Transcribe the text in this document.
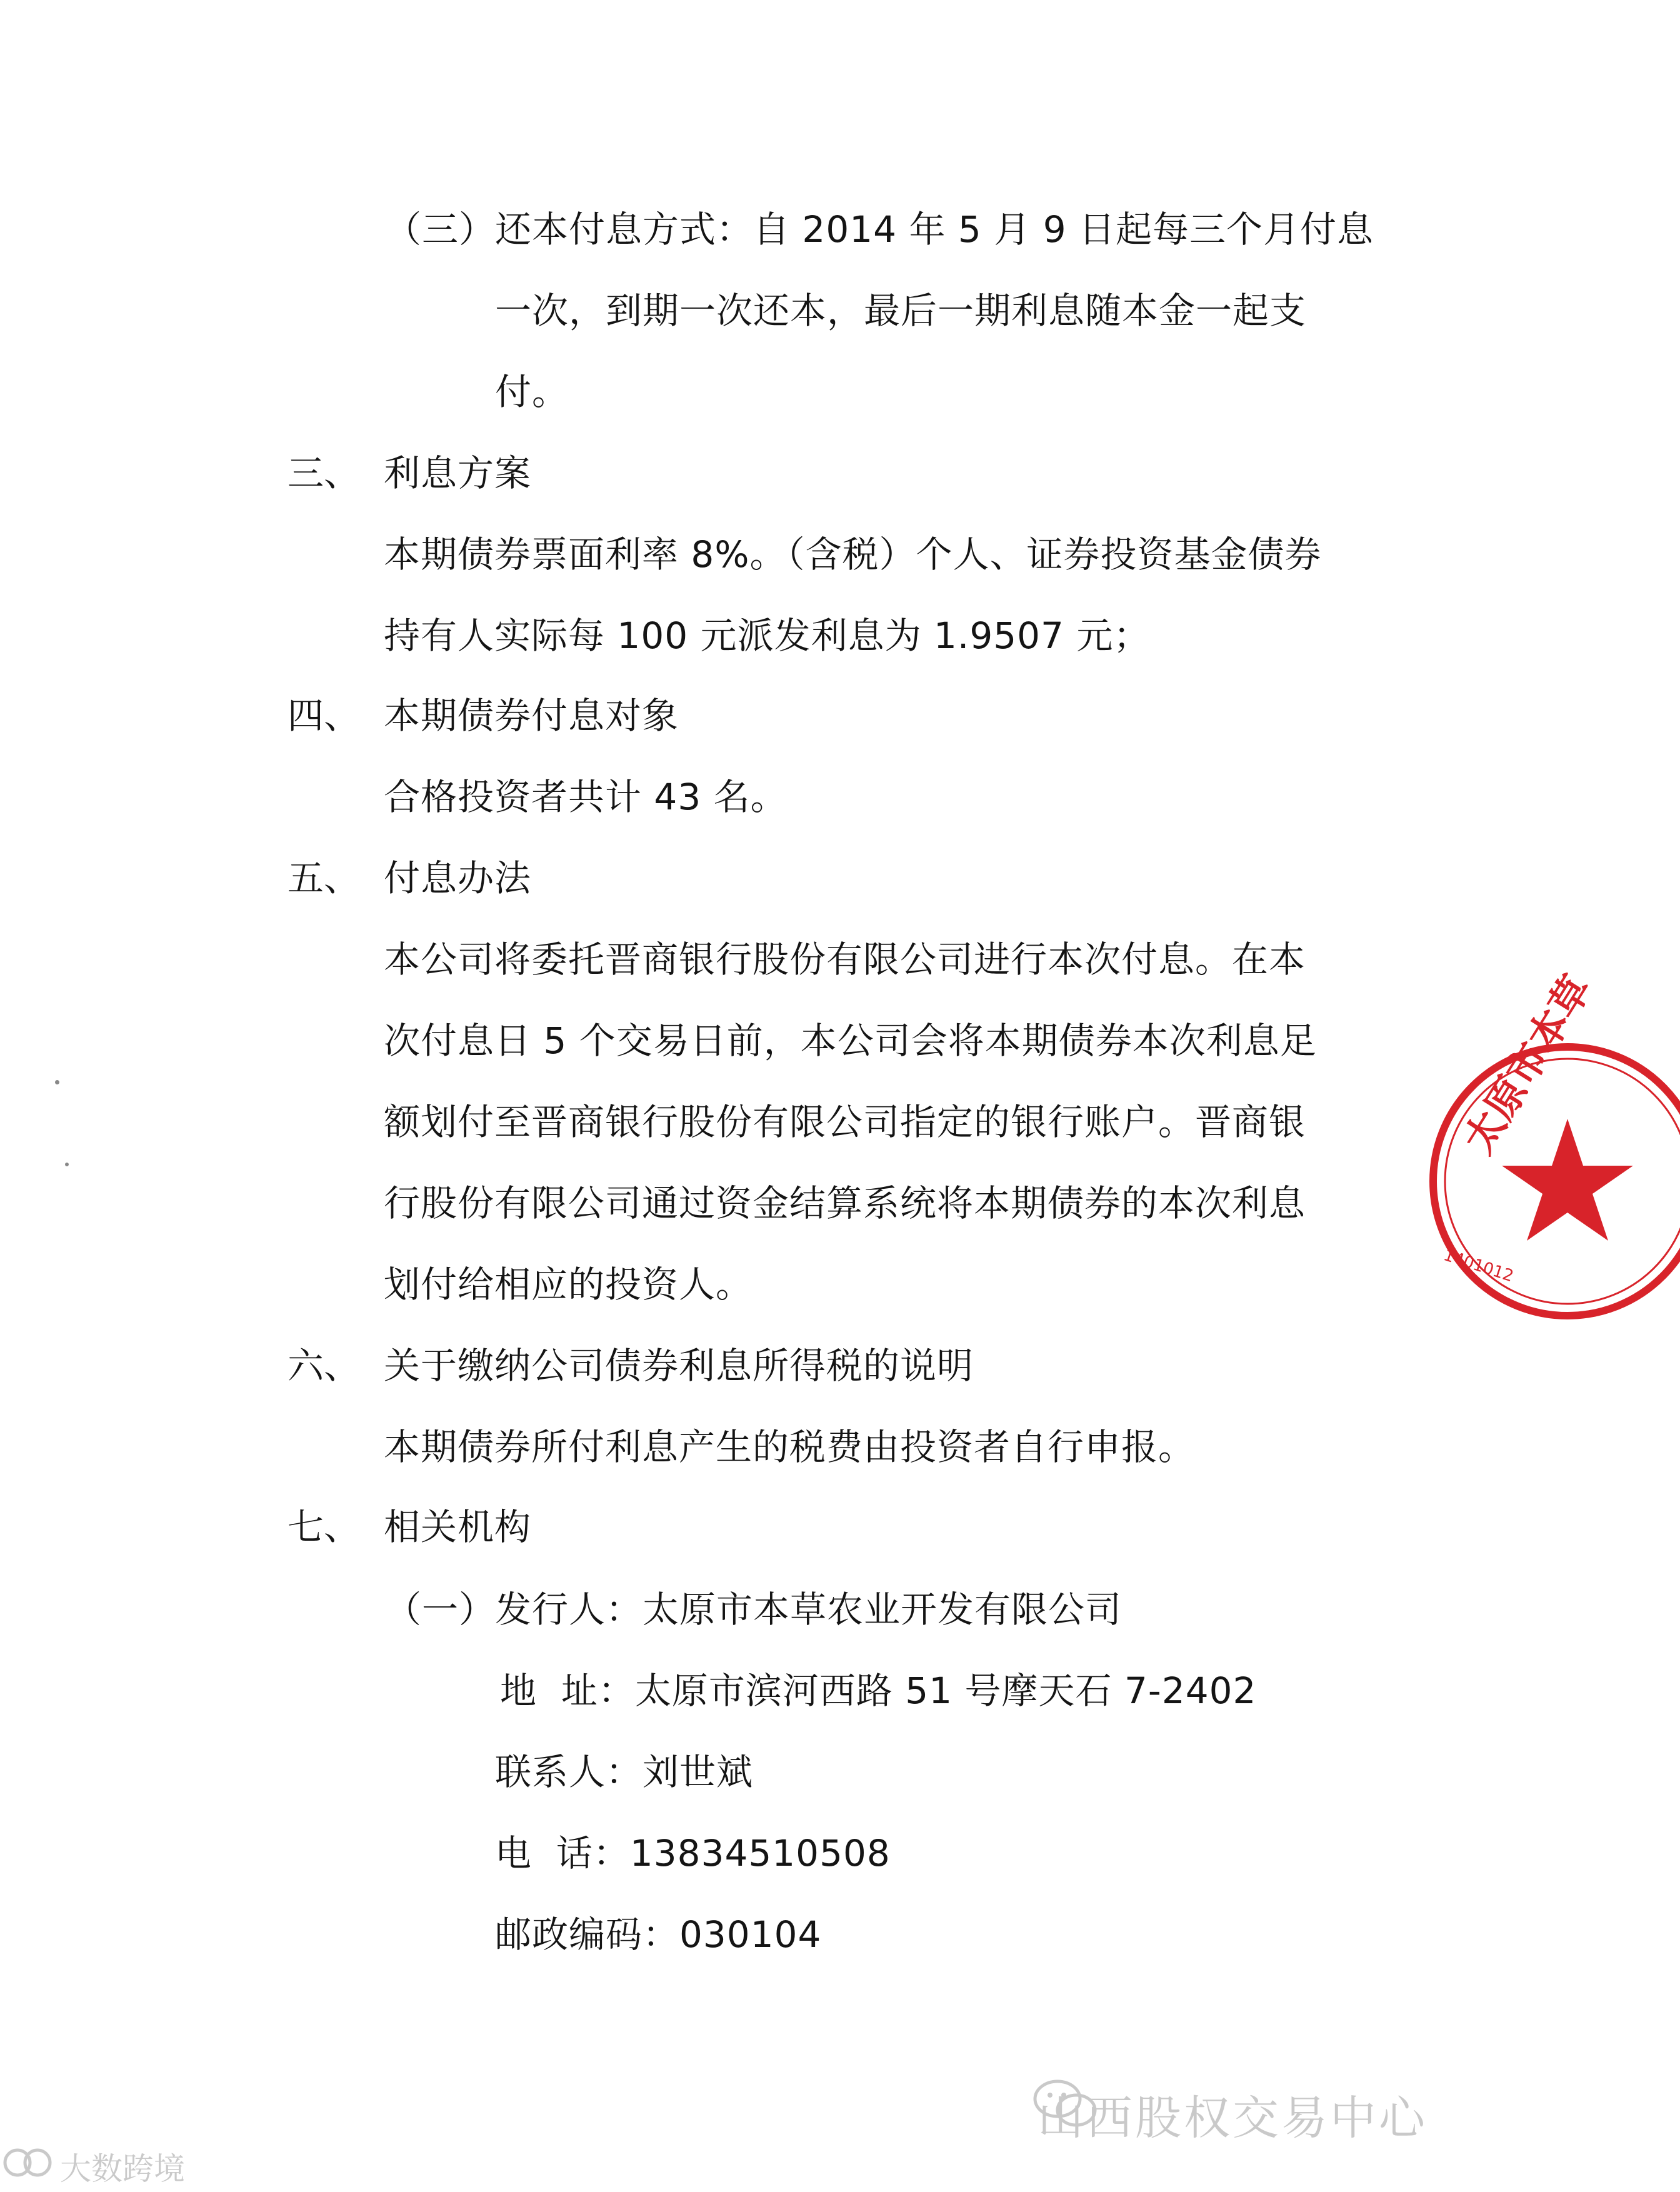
（三）
还本付息方式：自 2014 年 5 月 9 日起每三个月付息
一次，到期一次还本，最后一期利息随本金一起支
付。
三、 利息方案
本期债券票面利率 8%。（含税）个人、证券投资基金债券
持有人实际每 100 元派发利息为 1.9507 元；
四、 本期债券付息对象
合格投资者共计 43 名。
五、 付息办法
本公司将委托晋商银行股份有限公司进行本次付息。在本
次付息日 5 个交易日前，本公司会将本期债券本次利息足
额划付至晋商银行股份有限公司指定的银行账户。晋商银
行股份有限公司通过资金结算系统将本期债券的本次利息
划付给相应的投资人。
六、 关于缴纳公司债券利息所得税的说明
本期债券所付利息产生的税费由投资者自行申报。
七、 相关机构
（一）
发行人：太原市本草农业开发有限公司
地  址：太原市滨河西路 51 号摩天石 7-2402
联系人：刘世斌
电  话：13834510508
邮政编码：030104
太原市本草
1401012
山西股权交易中心
大数跨境
